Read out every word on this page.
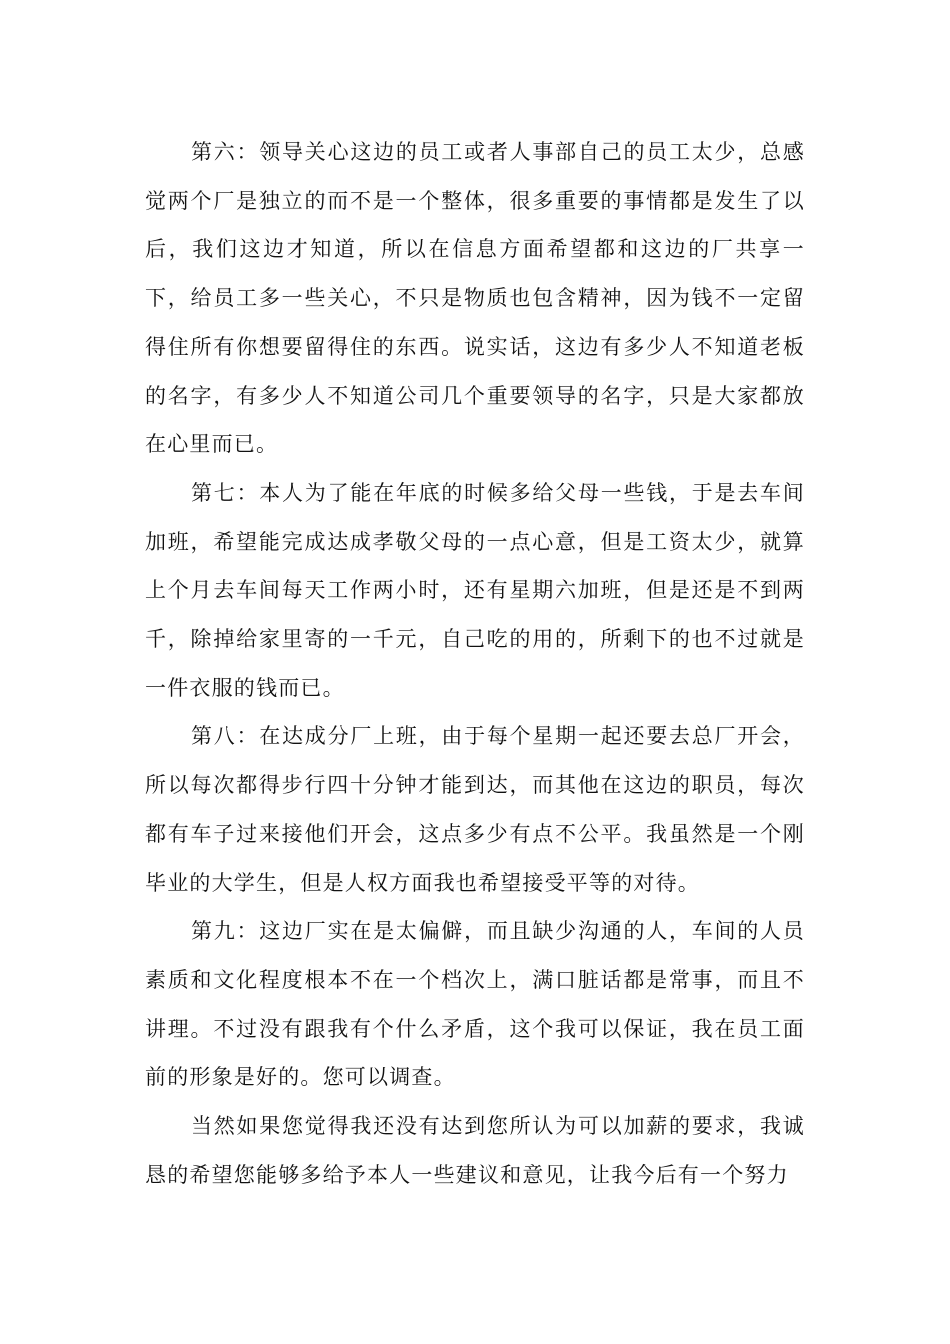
第六：领导关心这边的员工或者人事部自己的员工太少，总感觉两个厂是独立的而不是一个整体，很多重要的事情都是发生了以后，我们这边才知道，所以在信息方面希望都和这边的厂共享一下，给员工多一些关心，不只是物质也包含精神，因为钱不一定留得住所有你想要留得住的东西。说实话，这边有多少人不知道老板的名字，有多少人不知道公司几个重要领导的名字，只是大家都放在心里而已。

第七：本人为了能在年底的时候多给父母一些钱，于是去车间加班，希望能完成达成孝敬父母的一点心意，但是工资太少，就算上个月去车间每天工作两小时，还有星期六加班，但是还是不到两千，除掉给家里寄的一千元，自己吃的用的，所剩下的也不过就是一件衣服的钱而已。

第八：在达成分厂上班，由于每个星期一起还要去总厂开会，所以每次都得步行四十分钟才能到达，而其他在这边的职员，每次都有车子过来接他们开会，这点多少有点不公平。我虽然是一个刚毕业的大学生，但是人权方面我也希望接受平等的对待。

第九：这边厂实在是太偏僻，而且缺少沟通的人，车间的人员素质和文化程度根本不在一个档次上，满口脏话都是常事，而且不讲理。不过没有跟我有个什么矛盾，这个我可以保证，我在员工面前的形象是好的。您可以调查。

当然如果您觉得我还没有达到您所认为可以加薪的要求，我诚恳的希望您能够多给予本人一些建议和意见，让我今后有一个努力
